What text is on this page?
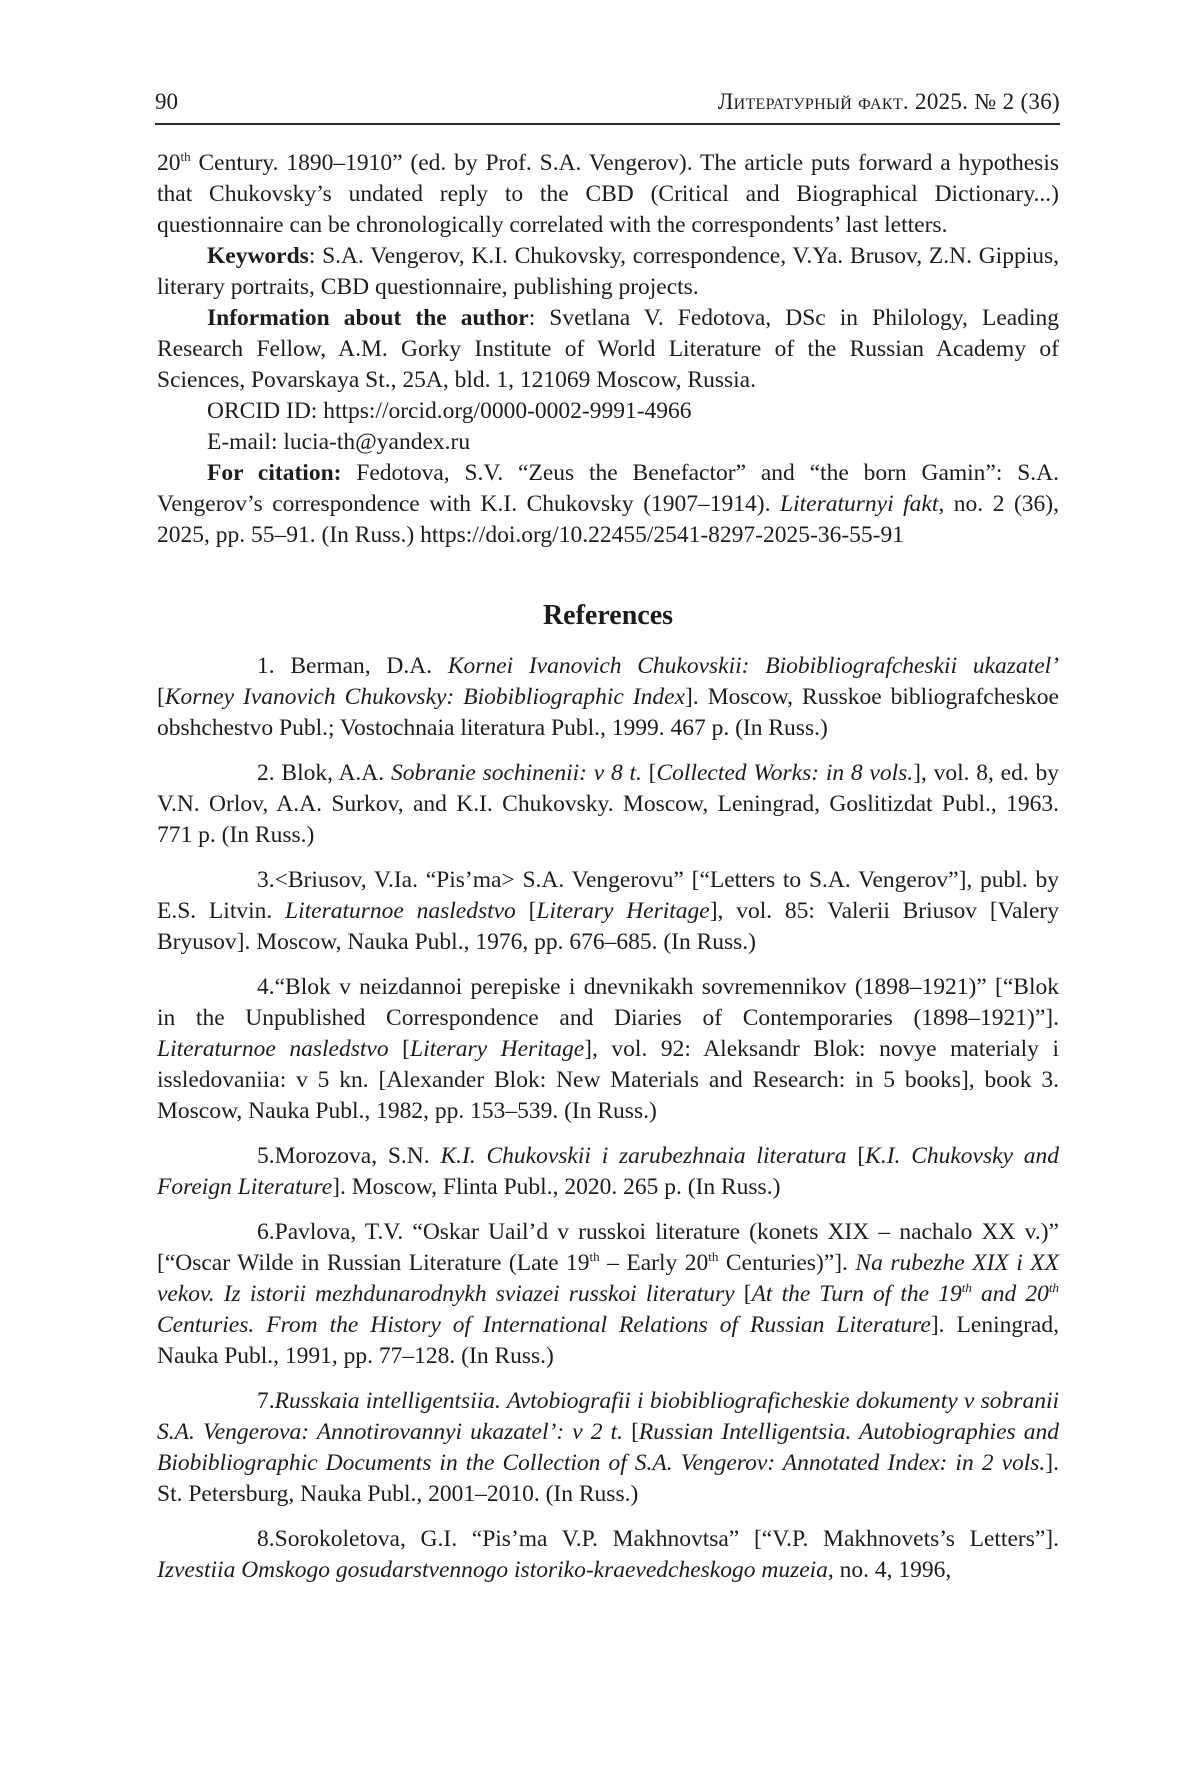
90	Литературный факт. 2025. № 2 (36)

20th Century. 1890–1910” (ed. by Prof. S.A. Vengerov). The article puts forward a hypothesis that Chukovsky’s undated reply to the CBD (Critical and Biographical Dictionary...) questionnaire can be chronologically correlated with the correspondents’ last letters.

Keywords: S.A. Vengerov, K.I. Chukovsky, correspondence, V.Ya. Brusov, Z.N. Gippius, literary portraits, CBD questionnaire, publishing projects.

Information about the author: Svetlana V. Fedotova, DSc in Philology, Leading Research Fellow, A.M. Gorky Institute of World Literature of the Russian Academy of Sciences, Povarskaya St., 25A, bld. 1, 121069 Moscow, Russia.

ORCID ID: https://orcid.org/0000-0002-9991-4966

E-mail: lucia-th@yandex.ru

For citation: Fedotova, S.V. “Zeus the Benefactor” and “the born Gamin”: S.A. Vengerov’s correspondence with K.I. Chukovsky (1907–1914). Literaturnyi fakt, no. 2 (36), 2025, pp. 55–91. (In Russ.) https://doi.org/10.22455/2541-8297-2025-36-55-91

References

1. Berman, D.A. Kornei Ivanovich Chukovskii: Biobibliografcheskii ukazatel’ [Korney Ivanovich Chukovsky: Biobibliographic Index]. Moscow, Russkoe bibliografcheskoe obshchestvo Publ.; Vostochnaia literatura Publ., 1999. 467 p. (In Russ.)

2. Blok, A.A. Sobranie sochinenii: v 8 t. [Collected Works: in 8 vols.], vol. 8, ed. by V.N. Orlov, A.A. Surkov, and K.I. Chukovsky. Moscow, Leningrad, Goslitizdat Publ., 1963. 771 p. (In Russ.)

3.<Briusov, V.Ia. “Pis’ma> S.A. Vengerovu” [“Letters to S.A. Vengerov”], publ. by E.S. Litvin. Literaturnoe nasledstvo [Literary Heritage], vol. 85: Valerii Briusov [Valery Bryusov]. Moscow, Nauka Publ., 1976, pp. 676–685. (In Russ.)

4.“Blok v neizdannoi perepiske i dnevnikakh sovremennikov (1898–1921)” [“Blok in the Unpublished Correspondence and Diaries of Contemporaries (1898–1921)”]. Literaturnoe nasledstvo [Literary Heritage], vol. 92: Aleksandr Blok: novye materialy i issledovaniia: v 5 kn. [Alexander Blok: New Materials and Research: in 5 books], book 3. Moscow, Nauka Publ., 1982, pp. 153–539. (In Russ.)

5.Morozova, S.N. K.I. Chukovskii i zarubezhnaia literatura [K.I. Chukovsky and Foreign Literature]. Moscow, Flinta Publ., 2020. 265 p. (In Russ.)

6.Pavlova, T.V. “Oskar Uail’d v russkoi literature (konets XIX – nachalo XX v.)” [“Oscar Wilde in Russian Literature (Late 19th – Early 20th Centuries)”]. Na rubezhe XIX i XX vekov. Iz istorii mezhdunarodnykh sviazei russkoi literatury [At the Turn of the 19th and 20th Centuries. From the History of International Relations of Russian Literature]. Leningrad, Nauka Publ., 1991, pp. 77–128. (In Russ.)

7.Russkaia intelligentsiia. Avtobiografii i biobibliograficheskie dokumenty v sobranii S.A. Vengerova: Annotirovannyi ukazatel’: v 2 t. [Russian Intelligentsia. Autobiographies and Biobibliographic Documents in the Collection of S.A. Vengerov: Annotated Index: in 2 vols.]. St. Petersburg, Nauka Publ., 2001–2010. (In Russ.)

8.Sorokoletova, G.I. “Pis’ma V.P. Makhnovtsa” [“V.P. Makhnovets’s Letters”]. Izvestiia Omskogo gosudarstvennogo istoriko-kraevedcheskogo muzeia, no. 4, 1996,
